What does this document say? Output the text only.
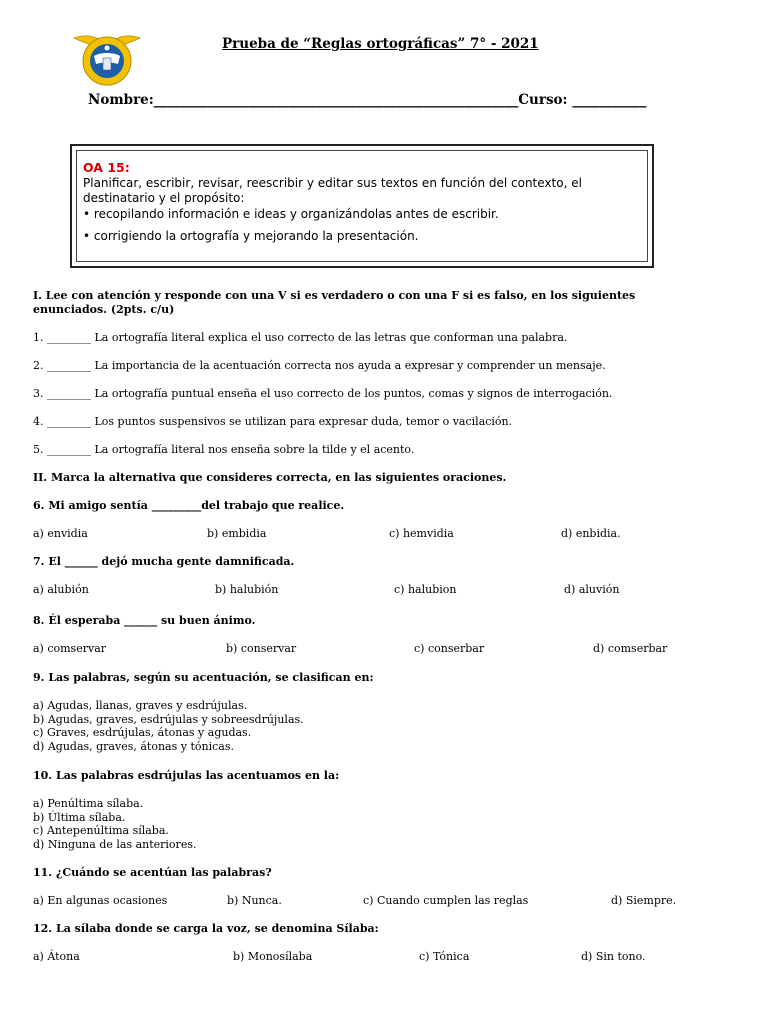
Prueba de “Reglas ortográficas” 7° - 2021
Nombre:______________________________________________________Curso: ___________
OA 15:
Planificar, escribir, revisar, reescribir y editar sus textos en función del contexto, el destinatario y el propósito:
• recopilando información e ideas y organizándolas antes de escribir.
• corrigiendo la ortografía y mejorando la presentación.
I. Lee con atención y responde con una V si es verdadero o con una F si es falso, en los siguientes enunciados. (2pts. c/u)
1. ________ La ortografía literal explica el uso correcto de las letras que conforman una palabra.
2. ________ La importancia de la acentuación correcta nos ayuda a expresar y comprender un mensaje.
3. ________ La ortografía puntual enseña el uso correcto de los puntos, comas y signos de interrogación.
4. ________ Los puntos suspensivos se utilizan para expresar duda, temor o vacilación.
5. ________ La ortografía literal nos enseña sobre la tilde y el acento.
II. Marca la alternativa que consideres correcta, en las siguientes oraciones.
6. Mi amigo sentía _________del trabajo que realice.
a) envidia	b) embidia	c) hemvidia	d) enbidia.
7. El ______ dejó mucha gente damnificada.
a) alubión	b) halubión	c) halubion	d) aluvión
8. Él esperaba ______ su buen ánimo.
a) comservar	b) conservar	c) conserbar	d) comserbar
9. Las palabras, según su acentuación, se clasifican en:
a) Agudas, llanas, graves y esdrújulas.
b) Agudas, graves, esdrújulas y sobreesdrújulas.
c) Graves, esdrújulas, átonas y agudas.
d) Agudas, graves, átonas y tónicas.
10. Las palabras esdrújulas las acentuamos en la:
a) Penúltima sílaba.
b) Última sílaba.
c) Antepenúltima sílaba.
d) Ninguna de las anteriores.
11. ¿Cuándo se acentúan las palabras?
a) En algunas ocasiones	b) Nunca.	c) Cuando cumplen las reglas	d) Siempre.
12. La sílaba donde se carga la voz, se denomina Sílaba:
a) Átona	b) Monosílaba	c) Tónica	d) Sin tono.
